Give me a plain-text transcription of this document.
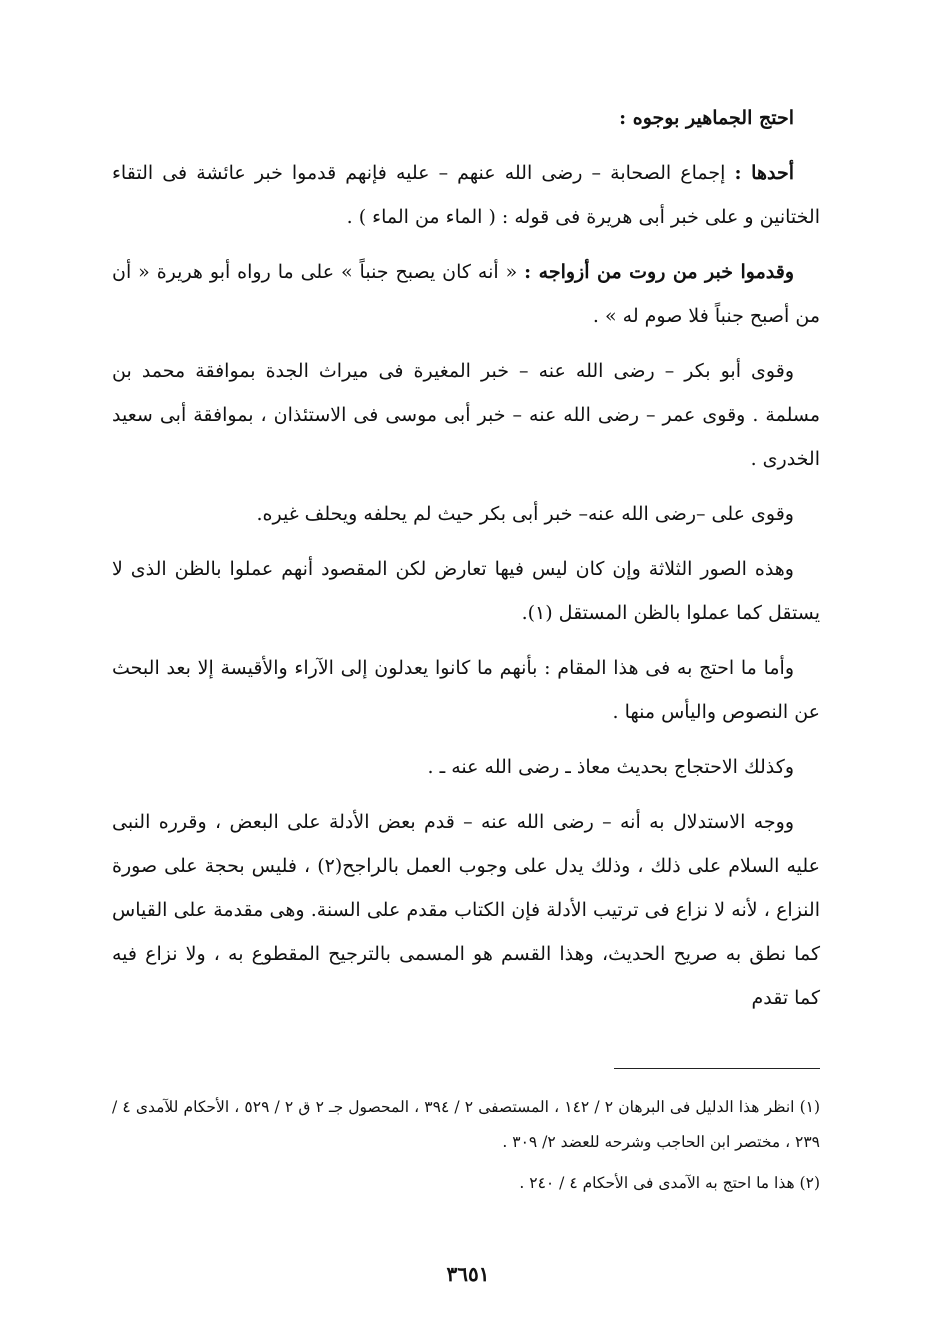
احتج الجماهير بوجوه :

أحدها : إجماع الصحابة – رضى الله عنهم – عليه فإنهم قدموا خبر عائشة فى التقاء الختانين و على خبر أبى هريرة فى قوله : ( الماء من الماء ) .

وقدموا خبر من روت من أزواجه : « أنه كان يصبح جنباً » على ما رواه أبو هريرة « أن من أصبح جنباً فلا صوم له » .

وقوى أبو بكر – رضى الله عنه – خبر المغيرة فى ميراث الجدة بموافقة محمد بن مسلمة . وقوى عمر – رضى الله عنه – خبر أبى موسى فى الاستئذان ، بموافقة أبى سعيد الخدرى .

وقوى على –رضى الله عنه– خبر أبى بكر حيث لم يحلفه ويحلف غيره.

وهذه الصور الثلاثة وإن كان ليس فيها تعارض لكن المقصود أنهم عملوا بالظن الذى لا يستقل كما عملوا بالظن المستقل (١).

وأما ما احتج به فى هذا المقام : بأنهم ما كانوا يعدلون إلى الآراء والأقيسة إلا بعد البحث عن النصوص واليأس منها .

وكذلك الاحتجاج بحديث معاذ ـ رضى الله عنه ـ .

ووجه الاستدلال به أنه – رضى الله عنه – قدم بعض الأدلة على البعض ، وقرره النبى عليه السلام على ذلك ، وذلك يدل على وجوب العمل بالراجح(٢) ، فليس بحجة على صورة النزاع ، لأنه لا نزاع فى ترتيب الأدلة فإن الكتاب مقدم على السنة. وهى مقدمة على القياس كما نطق به صريح الحديث، وهذا القسم هو المسمى بالترجيح المقطوع به ، ولا نزاع فيه كما تقدم

(١) انظر هذا الدليل فى البرهان ٢ / ١٤٢ ، المستصفى ٢ / ٣٩٤ ، المحصول جـ ٢ ق ٢ / ٥٢٩ ، الأحكام للآمدى ٤ / ٢٣٩ ، مختصر ابن الحاجب وشرحه للعضد ٢/ ٣٠٩ .

(٢) هذا ما احتج به الآمدى فى الأحكام ٤ / ٢٤٠ .

٣٦٥١
